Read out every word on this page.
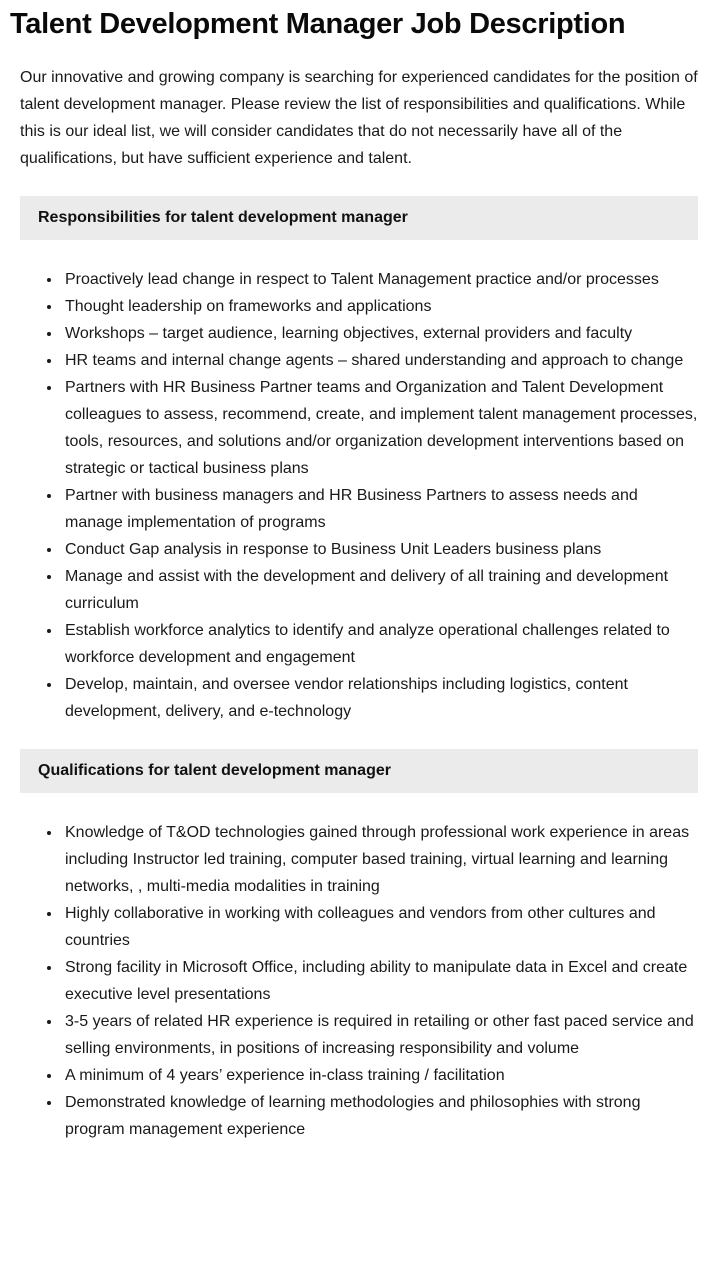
Talent Development Manager Job Description

Our innovative and growing company is searching for experienced candidates for the position of talent development manager. Please review the list of responsibilities and qualifications. While this is our ideal list, we will consider candidates that do not necessarily have all of the qualifications, but have sufficient experience and talent.

Responsibilities for talent development manager
• Proactively lead change in respect to Talent Management practice and/or processes
• Thought leadership on frameworks and applications
• Workshops – target audience, learning objectives, external providers and faculty
• HR teams and internal change agents – shared understanding and approach to change
• Partners with HR Business Partner teams and Organization and Talent Development colleagues to assess, recommend, create, and implement talent management processes, tools, resources, and solutions and/or organization development interventions based on strategic or tactical business plans
• Partner with business managers and HR Business Partners to assess needs and manage implementation of programs
• Conduct Gap analysis in response to Business Unit Leaders business plans
• Manage and assist with the development and delivery of all training and development curriculum
• Establish workforce analytics to identify and analyze operational challenges related to workforce development and engagement
• Develop, maintain, and oversee vendor relationships including logistics, content development, delivery, and e-technology
Qualifications for talent development manager
• Knowledge of T&OD technologies gained through professional work experience in areas including Instructor led training, computer based training, virtual learning and learning networks, , multi-media modalities in training
• Highly collaborative in working with colleagues and vendors from other cultures and countries
• Strong facility in Microsoft Office, including ability to manipulate data in Excel and create executive level presentations
• 3-5 years of related HR experience is required in retailing or other fast paced service and selling environments, in positions of increasing responsibility and volume
• A minimum of 4 years’ experience in-class training / facilitation
• Demonstrated knowledge of learning methodologies and philosophies with strong program management experience
